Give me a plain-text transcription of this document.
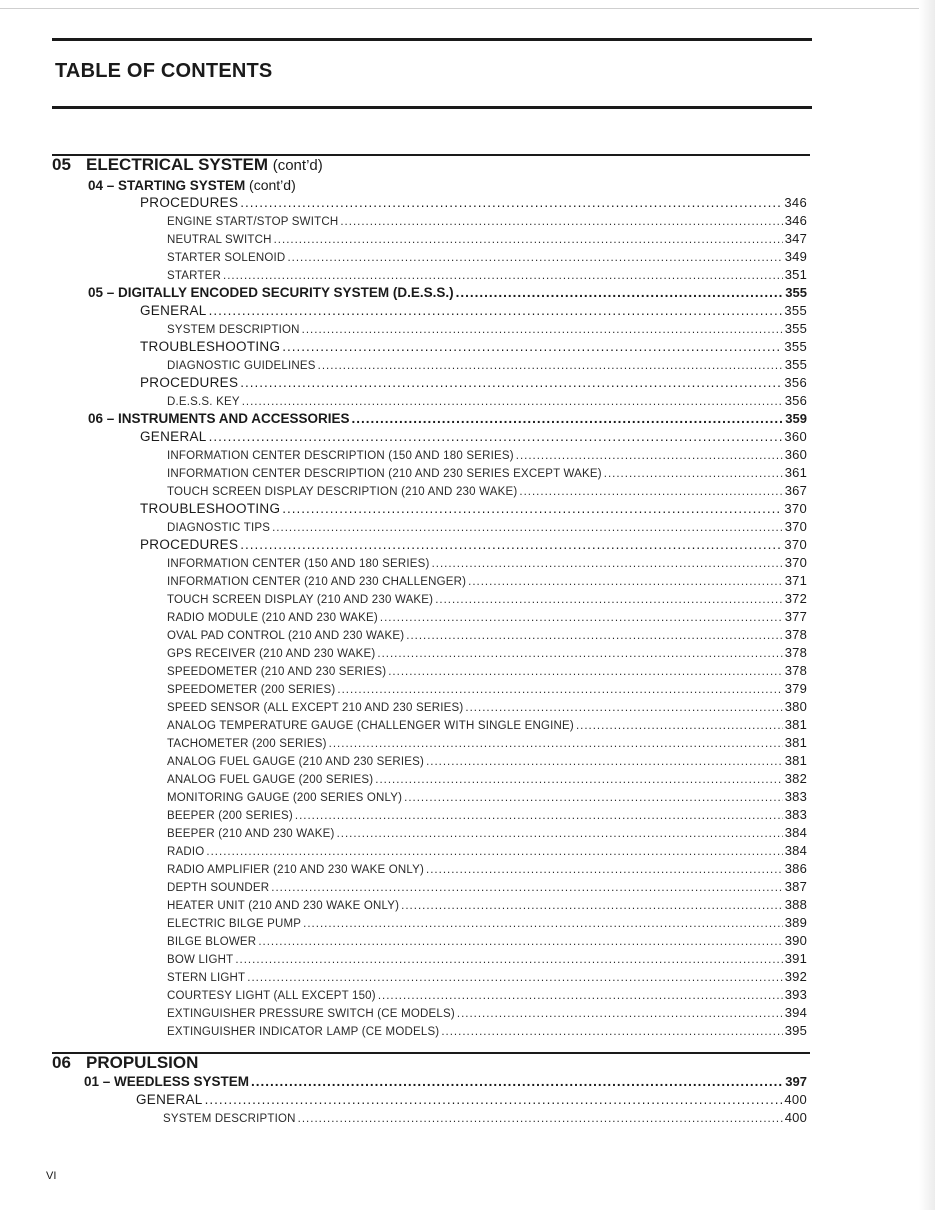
TABLE OF CONTENTS
05 ELECTRICAL SYSTEM (cont’d)
04 – STARTING SYSTEM (cont’d)
PROCEDURES .....	346
ENGINE START/STOP SWITCH .....	346
NEUTRAL SWITCH .....	347
STARTER SOLENOID .....	349
STARTER .....	351
05 – DIGITALLY ENCODED SECURITY SYSTEM (D.E.S.S.) .....	355
GENERAL .....	355
SYSTEM DESCRIPTION .....	355
TROUBLESHOOTING .....	355
DIAGNOSTIC GUIDELINES .....	355
PROCEDURES .....	356
D.E.S.S. KEY .....	356
06 – INSTRUMENTS AND ACCESSORIES .....	359
GENERAL .....	360
INFORMATION CENTER DESCRIPTION (150 AND 180 SERIES) .....	360
INFORMATION CENTER DESCRIPTION (210 AND 230 SERIES EXCEPT WAKE) .....	361
TOUCH SCREEN DISPLAY DESCRIPTION (210 AND 230 WAKE) .....	367
TROUBLESHOOTING .....	370
DIAGNOSTIC TIPS .....	370
PROCEDURES .....	370
INFORMATION CENTER (150 AND 180 SERIES) .....	370
INFORMATION CENTER (210 AND 230 CHALLENGER) .....	371
TOUCH SCREEN DISPLAY (210 AND 230 WAKE) .....	372
RADIO MODULE (210 AND 230 WAKE) .....	377
OVAL PAD CONTROL (210 AND 230 WAKE) .....	378
GPS RECEIVER (210 AND 230 WAKE) .....	378
SPEEDOMETER (210 AND 230 SERIES) .....	378
SPEEDOMETER (200 SERIES) .....	379
SPEED SENSOR (ALL EXCEPT 210 AND 230 SERIES) .....	380
ANALOG TEMPERATURE GAUGE (CHALLENGER WITH SINGLE ENGINE) .....	381
TACHOMETER (200 SERIES) .....	381
ANALOG FUEL GAUGE (210 AND 230 SERIES) .....	381
ANALOG FUEL GAUGE (200 SERIES) .....	382
MONITORING GAUGE (200 SERIES ONLY) .....	383
BEEPER (200 SERIES) .....	383
BEEPER (210 AND 230 WAKE) .....	384
RADIO .....	384
RADIO AMPLIFIER (210 AND 230 WAKE ONLY) .....	386
DEPTH SOUNDER .....	387
HEATER UNIT (210 AND 230 WAKE ONLY) .....	388
ELECTRIC BILGE PUMP .....	389
BILGE BLOWER .....	390
BOW LIGHT .....	391
STERN LIGHT .....	392
COURTESY LIGHT (ALL EXCEPT 150) .....	393
EXTINGUISHER PRESSURE SWITCH (CE MODELS) .....	394
EXTINGUISHER INDICATOR LAMP (CE MODELS) .....	395
06 PROPULSION
01 – WEEDLESS SYSTEM .....	397
GENERAL .....	400
SYSTEM DESCRIPTION .....	400
VI
